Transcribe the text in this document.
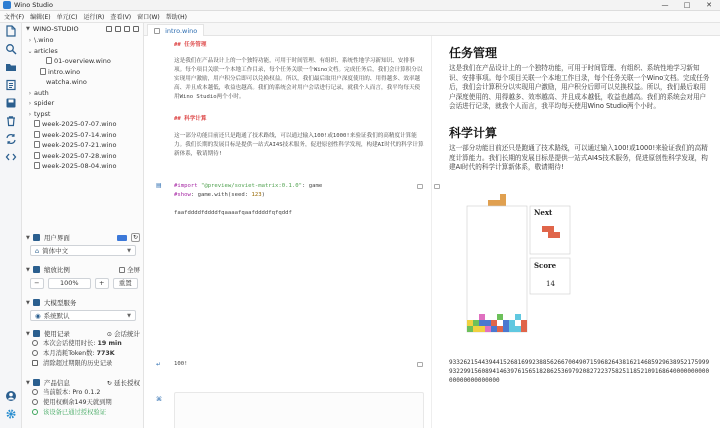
Wino Studio	—	□	✕
文件(F) 编辑(E) 单元(C) 运行(R) 查看(V) 窗口(W) 帮助(H)
▼ WINO-STUDIO
› \.wino
⌄articles
01-overview.wino
intro.wino
watcha.wino
› auth
› spider
› typst
week-2025-07-07.wino
week-2025-07-14.wino
week-2025-07-21.wino
week-2025-07-28.wino
week-2025-08-04.wino
▼ 用户界面	↻
⌂ 简体中文	▼
▼ 缩放比例	全屏
−	100%	+	重置
▼ 大模型服务
◉ 系统默认	▼
▼ 使用记录	⊙ 会话统计
本次会话使用时长: 19 min
本月消耗Token数: 773K
清除超过期限的历史记录
▼ 产品信息	↻ 延长授权
当前版本: Pro 0.1.2
使用权剩余149天就到期
该设备已通过授权验证
intro.wino
## 任务管理
这是我们在产品设计上的一个独特功能，可用于时间管理、有组织、系统性地学习新知识、安排事项。每个项目关联一个本地工作目录，每个任务关联一个Wino文档。完成任务后，我们会计算积分以实现用户激励，用户积分后即可以兑换权益。所以，我们最后取用户深度使用的、用得越多、效率越高、并且成本越低，收益也越高。我们的系统会对用户会话进行记录，就我个人而言，我平均每天使用Wino Studio两个小时。
## 科学计算
这一部分功能目前还只是跑通了技术路线，可以通过输入100!或1000!来验证我们的高精度计算能力。我们长期的发展目标是提供一站式AI4S技术服务，促进原创性科学发现，构建AI时代的科学计算新体系，敬请期待!
▤ #import "@preview/soviet-matrix:0.1.0": game
#show: game.with(seed: 123)
faafddddfddddfqaaaafqaafddddfqfqddf
↵ 100!
⌘
任务管理
这是我们在产品设计上的一个独特功能，可用于时间管理、有组织、系统性地学习新知识、安排事项。每个项目关联一个本地工作目录，每个任务关联一个Wino文档。完成任务后，我们会计算积分以实现用户激励，用户积分后即可以兑换权益。所以，我们最后取用户深度使用的、用得越多、效率越高、并且成本越低，收益也越高。我们的系统会对用户会话进行记录，就我个人而言，我平均每天使用Wino Studio两个小时。
科学计算
这一部分功能目前还只是跑通了技术路线，可以通过输入100!或1000!来验证我们的高精度计算能力。我们长期的发展目标是提供一站式AI4S技术服务，促进原创性科学发现，构建AI时代的科学计算新体系，敬请期待!
Next
Score
14
93326215443944152681699238856266700490715968264381621468592963895217599993229915608941463976156518286253697920827223758251185210916864000000000000000000000000
